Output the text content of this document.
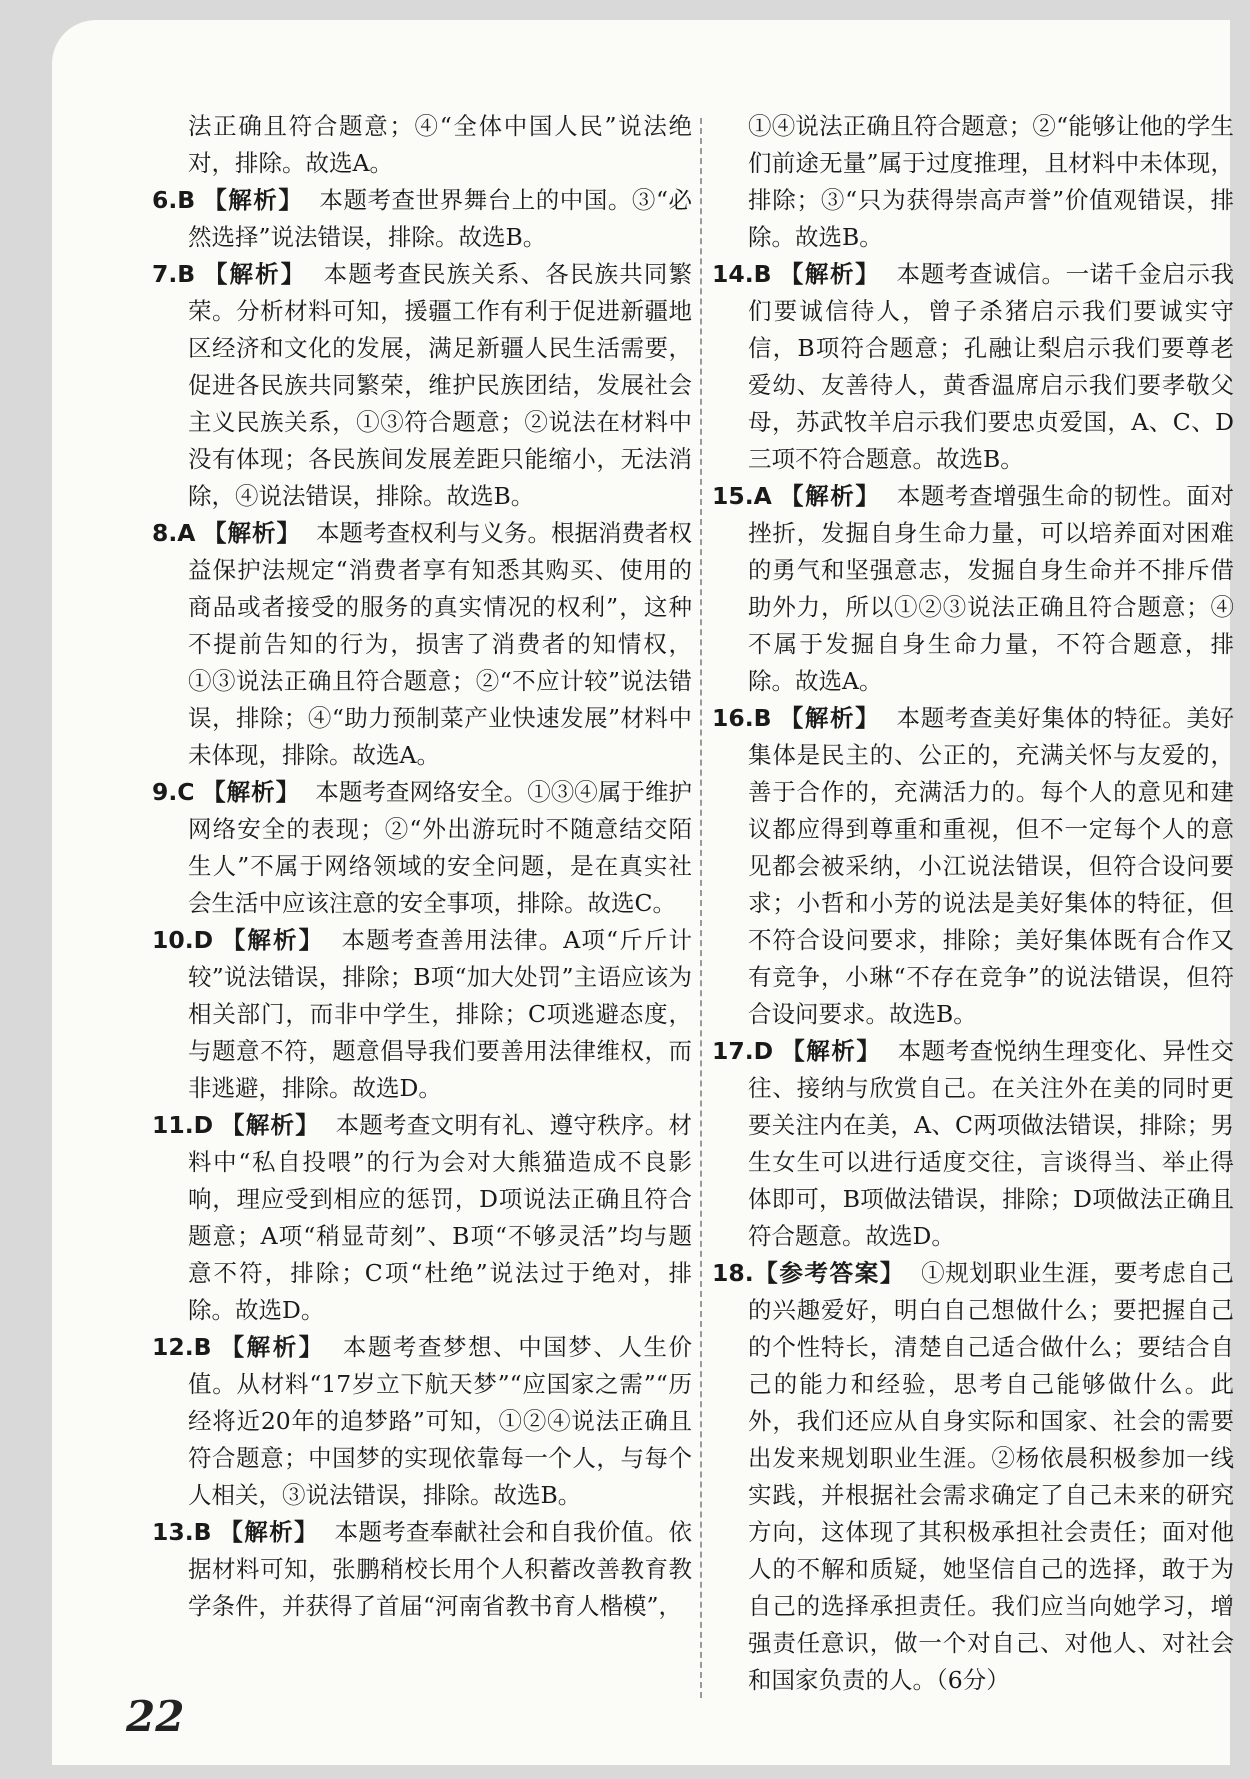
法正确且符合题意；④“全体中国人民”说法绝对，排除。故选A。

6.B 【解析】 本题考查世界舞台上的中国。③“必然选择”说法错误，排除。故选B。

7.B 【解析】 本题考查民族关系、各民族共同繁荣。分析材料可知，援疆工作有利于促进新疆地区经济和文化的发展，满足新疆人民生活需要，促进各民族共同繁荣，维护民族团结，发展社会主义民族关系，①③符合题意；②说法在材料中没有体现；各民族间发展差距只能缩小，无法消除，④说法错误，排除。故选B。

8.A 【解析】 本题考查权利与义务。根据消费者权益保护法规定“消费者享有知悉其购买、使用的商品或者接受的服务的真实情况的权利”，这种不提前告知的行为，损害了消费者的知情权，①③说法正确且符合题意；②“不应计较”说法错误，排除；④“助力预制菜产业快速发展”材料中未体现，排除。故选A。

9.C 【解析】 本题考查网络安全。①③④属于维护网络安全的表现；②“外出游玩时不随意结交陌生人”不属于网络领域的安全问题，是在真实社会生活中应该注意的安全事项，排除。故选C。

10.D 【解析】 本题考查善用法律。A项“斤斤计较”说法错误，排除；B项“加大处罚”主语应该为相关部门，而非中学生，排除；C项逃避态度，与题意不符，题意倡导我们要善用法律维权，而非逃避，排除。故选D。

11.D 【解析】 本题考查文明有礼、遵守秩序。材料中“私自投喂”的行为会对大熊猫造成不良影响，理应受到相应的惩罚，D项说法正确且符合题意；A项“稍显苛刻”、B项“不够灵活”均与题意不符，排除；C项“杜绝”说法过于绝对，排除。故选D。

12.B 【解析】 本题考查梦想、中国梦、人生价值。从材料“17岁立下航天梦”“应国家之需”“历经将近20年的追梦路”可知，①②④说法正确且符合题意；中国梦的实现依靠每一个人，与每个人相关，③说法错误，排除。故选B。

13.B 【解析】 本题考查奉献社会和自我价值。依据材料可知，张鹏稍校长用个人积蓄改善教育教学条件，并获得了首届“河南省教书育人楷模”，

①④说法正确且符合题意；②“能够让他的学生们前途无量”属于过度推理，且材料中未体现，排除；③“只为获得崇高声誉”价值观错误，排除。故选B。

14.B 【解析】 本题考查诚信。一诺千金启示我们要诚信待人，曾子杀猪启示我们要诚实守信，B项符合题意；孔融让梨启示我们要尊老爱幼、友善待人，黄香温席启示我们要孝敬父母，苏武牧羊启示我们要忠贞爱国，A、C、D三项不符合题意。故选B。

15.A 【解析】 本题考查增强生命的韧性。面对挫折，发掘自身生命力量，可以培养面对困难的勇气和坚强意志，发掘自身生命并不排斥借助外力，所以①②③说法正确且符合题意；④不属于发掘自身生命力量，不符合题意，排除。故选A。

16.B 【解析】 本题考查美好集体的特征。美好集体是民主的、公正的，充满关怀与友爱的，善于合作的，充满活力的。每个人的意见和建议都应得到尊重和重视，但不一定每个人的意见都会被采纳，小江说法错误，但符合设问要求；小哲和小芳的说法是美好集体的特征，但不符合设问要求，排除；美好集体既有合作又有竞争，小琳“不存在竞争”的说法错误，但符合设问要求。故选B。

17.D 【解析】 本题考查悦纳生理变化、异性交往、接纳与欣赏自己。在关注外在美的同时更要关注内在美，A、C两项做法错误，排除；男生女生可以进行适度交往，言谈得当、举止得体即可，B项做法错误，排除；D项做法正确且符合题意。故选D。

18.【参考答案】 ①规划职业生涯，要考虑自己的兴趣爱好，明白自己想做什么；要把握自己的个性特长，清楚自己适合做什么；要结合自己的能力和经验，思考自己能够做什么。此外，我们还应从自身实际和国家、社会的需要出发来规划职业生涯。②杨依晨积极参加一线实践，并根据社会需求确定了自己未来的研究方向，这体现了其积极承担社会责任；面对他人的不解和质疑，她坚信自己的选择，敢于为自己的选择承担责任。我们应当向她学习，增强责任意识，做一个对自己、对他人、对社会和国家负责的人。（6分）

22
